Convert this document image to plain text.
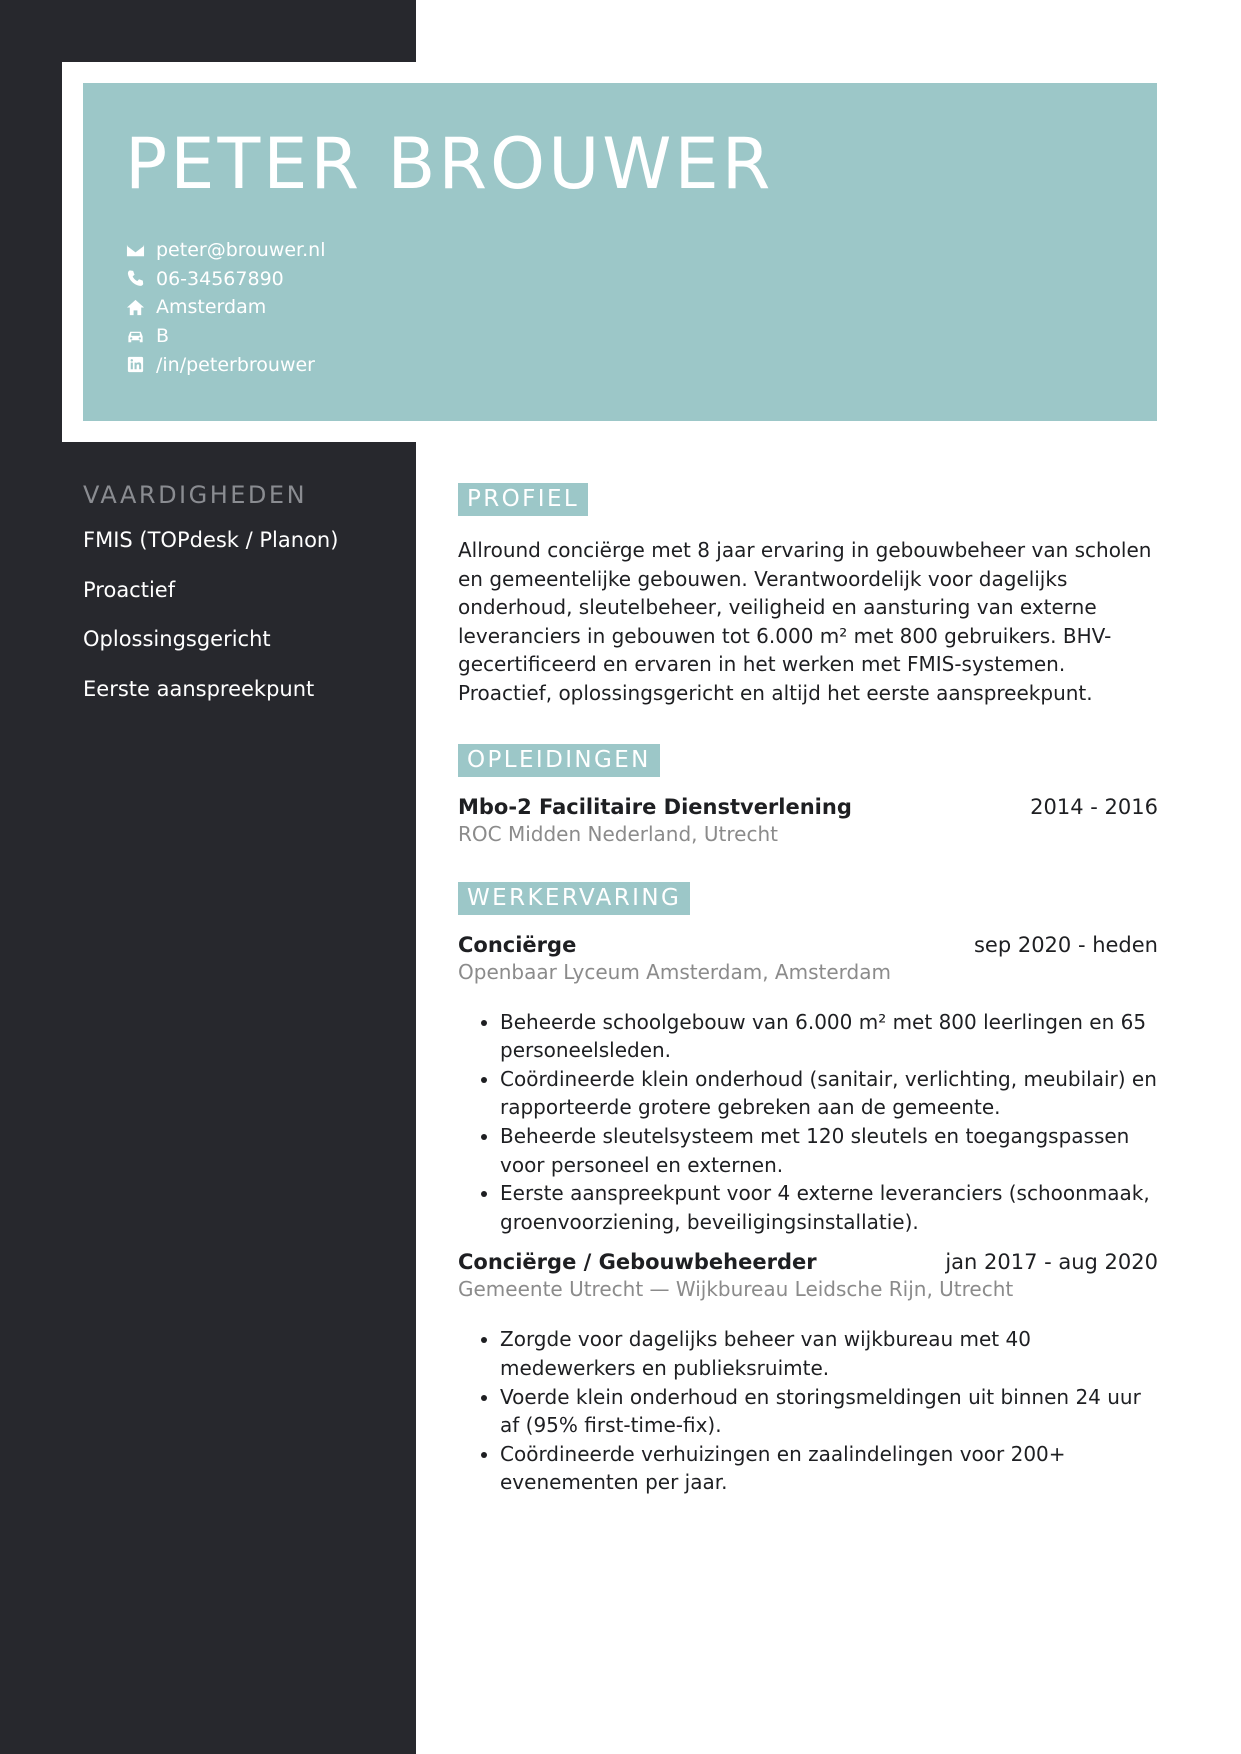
PETER BROUWER
peter@brouwer.nl
06-34567890
Amsterdam
B
/in/peterbrouwer
VAARDIGHEDEN
FMIS (TOPdesk / Planon)
Proactief
Oplossingsgericht
Eerste aanspreekpunt
PROFIEL

Allround conciërge met 8 jaar ervaring in gebouwbeheer van scholen en gemeentelijke gebouwen. Verantwoordelijk voor dagelijks onderhoud, sleutelbeheer, veiligheid en aansturing van externe leveranciers in gebouwen tot 6.000 m² met 800 gebruikers. BHV-gecertificeerd en ervaren in het werken met FMIS-systemen. Proactief, oplossingsgericht en altijd het eerste aanspreekpunt.

OPLEIDINGEN
Mbo-2 Facilitaire Dienstverlening	2014 - 2016
ROC Midden Nederland, Utrecht
WERKERVARING
Conciërge	sep 2020 - heden
Openbaar Lyceum Amsterdam, Amsterdam
• Beheerde schoolgebouw van 6.000 m² met 800 leerlingen en 65 personeelsleden.
• Coördineerde klein onderhoud (sanitair, verlichting, meubilair) en rapporteerde grotere gebreken aan de gemeente.
• Beheerde sleutelsysteem met 120 sleutels en toegangspassen voor personeel en externen.
• Eerste aanspreekpunt voor 4 externe leveranciers (schoonmaak, groenvoorziening, beveiligingsinstallatie).
Conciërge / Gebouwbeheerder	jan 2017 - aug 2020
Gemeente Utrecht — Wijkbureau Leidsche Rijn, Utrecht
• Zorgde voor dagelijks beheer van wijkbureau met 40 medewerkers en publieksruimte.
• Voerde klein onderhoud en storingsmeldingen uit binnen 24 uur af (95% first-time-fix).
• Coördineerde verhuizingen en zaalindelingen voor 200+ evenementen per jaar.
